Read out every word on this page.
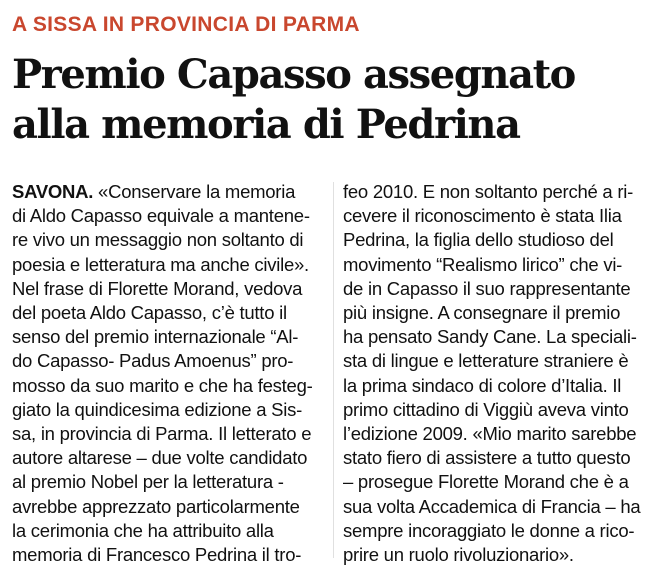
A SISSA IN PROVINCIA DI PARMA
Premio Capasso assegnato
alla memoria di Pedrina
SAVONA. «Conservare la memoria
di Aldo Capasso equivale a mantene-
re vivo un messaggio non soltanto di
poesia e letteratura ma anche civile».
Nel frase di Florette Morand, vedova
del poeta Aldo Capasso, c’è tutto il
senso del premio internazionale “Al-
do Capasso- Padus Amoenus” pro-
mosso da suo marito e che ha festeg-
giato la quindicesima edizione a Sis-
sa, in provincia di Parma. Il letterato e
autore altarese – due volte candidato
al premio Nobel per la letteratura -
avrebbe apprezzato particolarmente
la cerimonia che ha attribuito alla
memoria di Francesco Pedrina il tro-
feo 2010. E non soltanto perché a ri-
cevere il riconoscimento è stata Ilia
Pedrina, la figlia dello studioso del
movimento “Realismo lirico” che vi-
de in Capasso il suo rappresentante
più insigne. A consegnare il premio
ha pensato Sandy Cane. La speciali-
sta di lingue e letterature straniere è
la prima sindaco di colore d’Italia. Il
primo cittadino di Viggiù aveva vinto
l’edizione 2009. «Mio marito sarebbe
stato fiero di assistere a tutto questo
– prosegue Florette Morand che è a
sua volta Accademica di Francia – ha
sempre incoraggiato le donne a rico-
prire un ruolo rivoluzionario».
